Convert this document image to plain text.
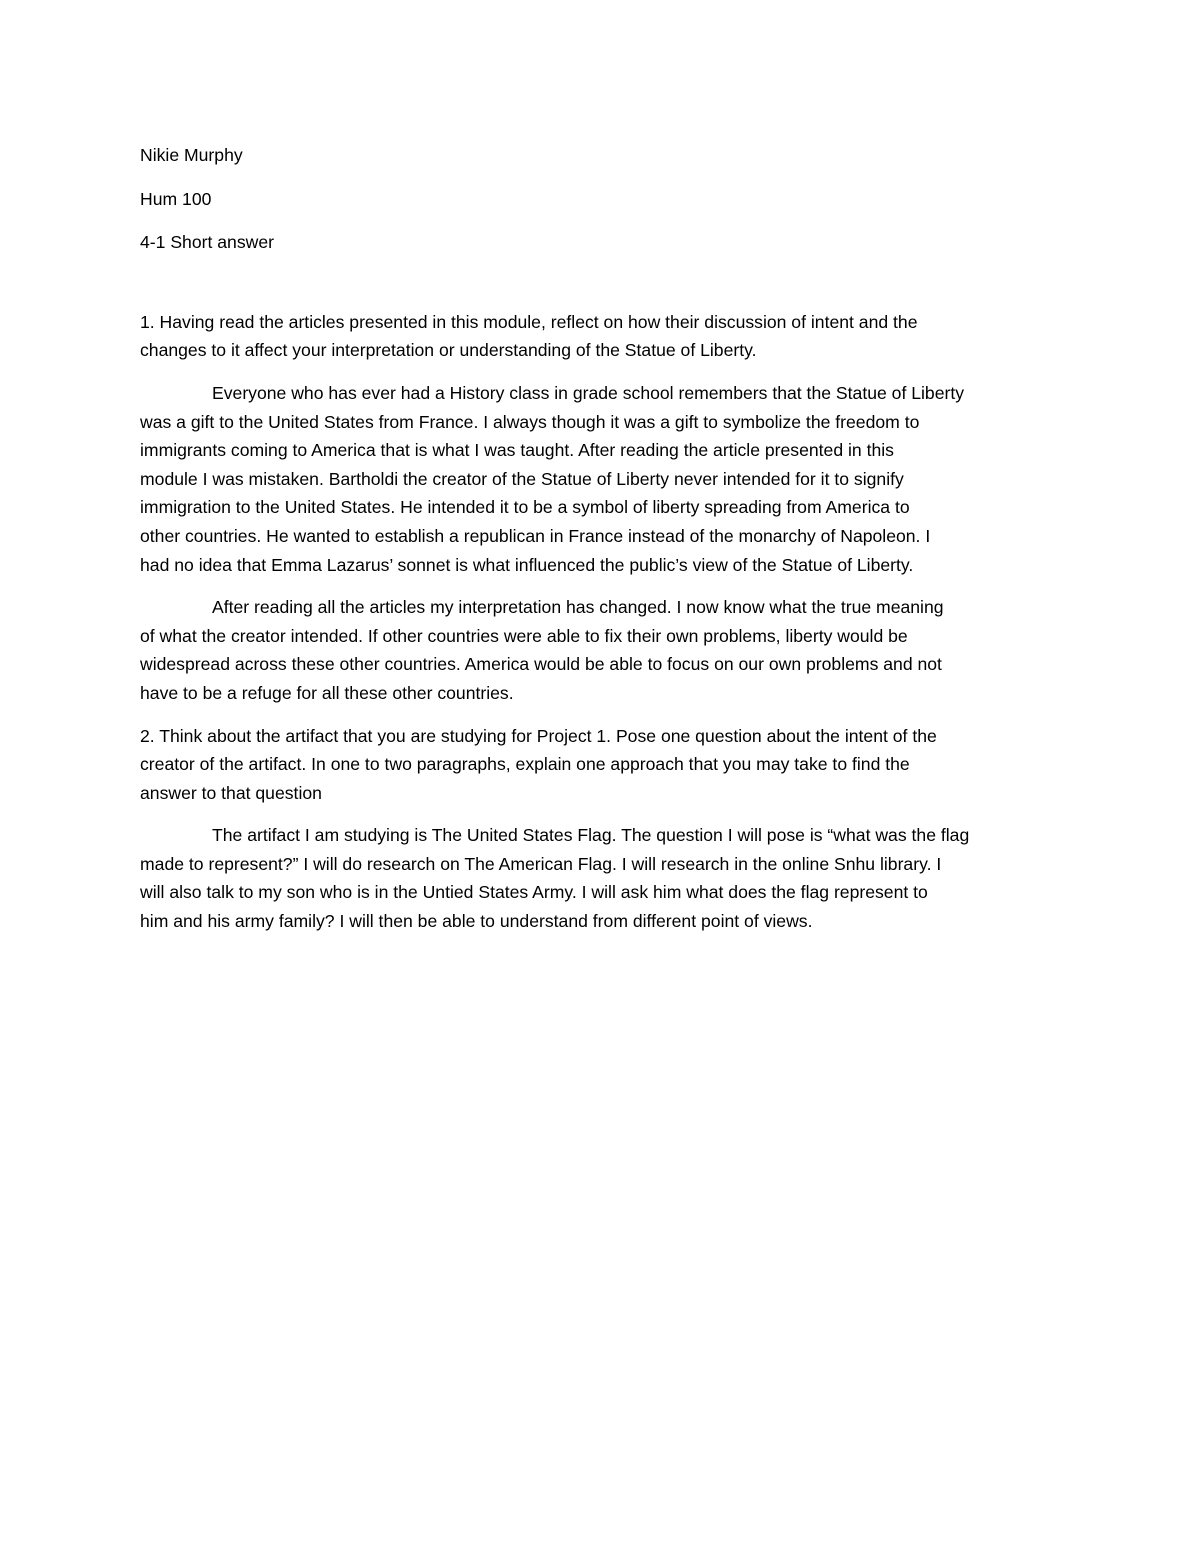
Nikie Murphy
Hum 100
4-1 Short answer
1. Having read the articles presented in this module, reflect on how their discussion of intent and the
changes to it affect your interpretation or understanding of the Statue of Liberty.
Everyone who has ever had a History class in grade school remembers that the Statue of Liberty
was a gift to the United States from France. I always though it was a gift to symbolize the freedom to
immigrants coming to America that is what I was taught. After reading the article presented in this
module I was mistaken. Bartholdi the creator of the Statue of Liberty never intended for it to signify
immigration to the United States. He intended it to be a symbol of liberty spreading from America to
other countries. He wanted to establish a republican in France instead of the monarchy of Napoleon. I
had no idea that Emma Lazarus’ sonnet is what influenced the public’s view of the Statue of Liberty.
After reading all the articles my interpretation has changed. I now know what the true meaning
of what the creator intended. If other countries were able to fix their own problems, liberty would be
widespread across these other countries. America would be able to focus on our own problems and not
have to be a refuge for all these other countries.
2. Think about the artifact that you are studying for Project 1. Pose one question about the intent of the
creator of the artifact. In one to two paragraphs, explain one approach that you may take to find the
answer to that question
The artifact I am studying is The United States Flag. The question I will pose is “what was the flag
made to represent?” I will do research on The American Flag. I will research in the online Snhu library. I
will also talk to my son who is in the Untied States Army. I will ask him what does the flag represent to
him and his army family? I will then be able to understand from different point of views.
